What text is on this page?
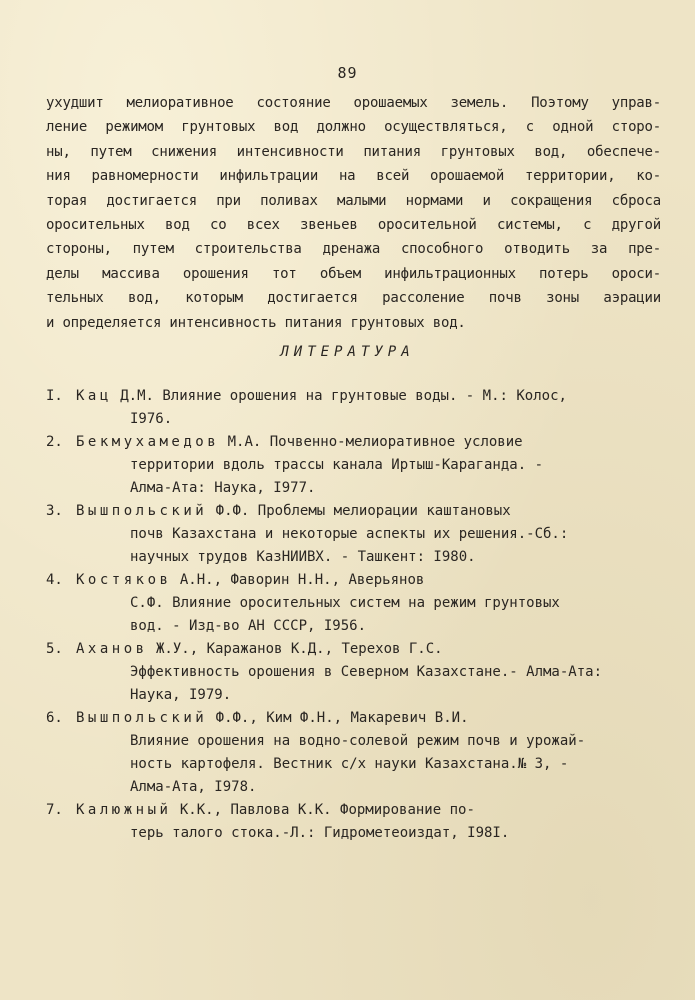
89
ухудшит мелиоративное состояние орошаемых земель. Поэтому управ-
ление режимом грунтовых вод должно осуществляться, с одной сторо-
ны, путем снижения интенсивности питания грунтовых вод, обеспече-
ния равномерности инфильтрации на всей орошаемой территории, ко-
торая достигается при поливах малыми нормами и сокращения сброса
оросительных вод со всех звеньев оросительной системы, с другой
стороны, путем строительства дренажа способного отводить за пре-
делы массива орошения тот объем инфильтрационных потерь ороси-
тельных вод, которым достигается рассоление почв зоны аэрации
и определяется интенсивность питания грунтовых вод.
ЛИТЕРАТУРА
I. Кац Д.М. Влияние орошения на грунтовые воды. - М.: Колос,
I976.
2. Бекмухамедов М.А. Почвенно-мелиоративное условие
территории вдоль трассы канала Иртыш-Караганда. -
Алма-Ата: Наука, I977.
3. Вышпольский Ф.Ф. Проблемы мелиорации каштановых
почв Казахстана и некоторые аспекты их решения.-Сб.:
научных трудов КазНИИВХ. - Ташкент: I980.
4. Костяков А.Н., Фаворин Н.Н., Аверьянов
С.Ф. Влияние оросительных систем на режим грунтовых
вод. - Изд-во АН СССР, I956.
5. Аханов Ж.У., Каражанов К.Д., Терехов Г.С.
Эффективность орошения в Северном Казахстане.- Алма-Ата:
Наука, I979.
6. Вышпольский Ф.Ф., Ким Ф.Н., Макаревич В.И.
Влияние орошения на водно-солевой режим почв и урожай-
ность картофеля. Вестник с/х науки Казахстана.№ 3, -
Алма-Ата, I978.
7. Калюжный К.К., Павлова К.К. Формирование по-
терь талого стока.-Л.: Гидрометеоиздат, I98I.
